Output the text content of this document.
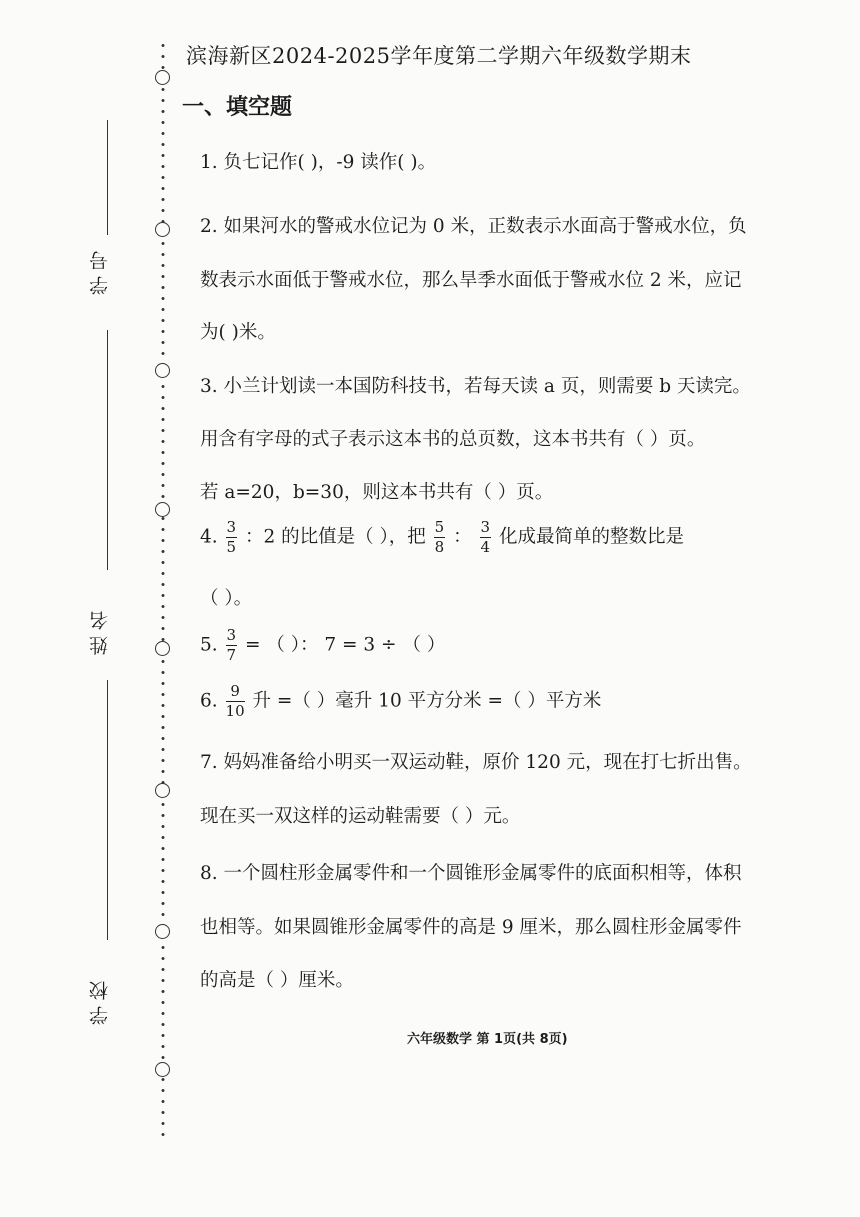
学号
姓名
学校
滨海新区2024-2025学年度第二学期六年级数学期末
一、填空题
1. 负七记作( )，-9 读作( )。
2. 如果河水的警戒水位记为 0 米，正数表示水面高于警戒水位，负
数表示水面低于警戒水位，那么旱季水面低于警戒水位 2 米，应记
为( )米。
3. 小兰计划读一本国防科技书，若每天读 a 页，则需要 b 天读完。
用含有字母的式子表示这本书的总页数，这本书共有（ ）页。
若 a=20，b=30，则这本书共有（ ）页。
4. $\frac{3}{5}$ ：2 的比值是（ ），把 $\frac{5}{8}$ ： $\frac{3}{4}$ 化成最简单的整数比是
（ ）。
5. $\frac{3}{7}$ = （ ）： 7 = 3 ÷ （ ）
6. $\frac{9}{10}$ 升 =（ ）毫升 10 平方分米 =（ ）平方米
7. 妈妈准备给小明买一双运动鞋，原价 120 元，现在打七折出售。
现在买一双这样的运动鞋需要（ ）元。
8. 一个圆柱形金属零件和一个圆锥形金属零件的底面积相等，体积
也相等。如果圆锥形金属零件的高是 9 厘米，那么圆柱形金属零件
的高是（ ）厘米。
六年级数学 第 1页(共 8页)
